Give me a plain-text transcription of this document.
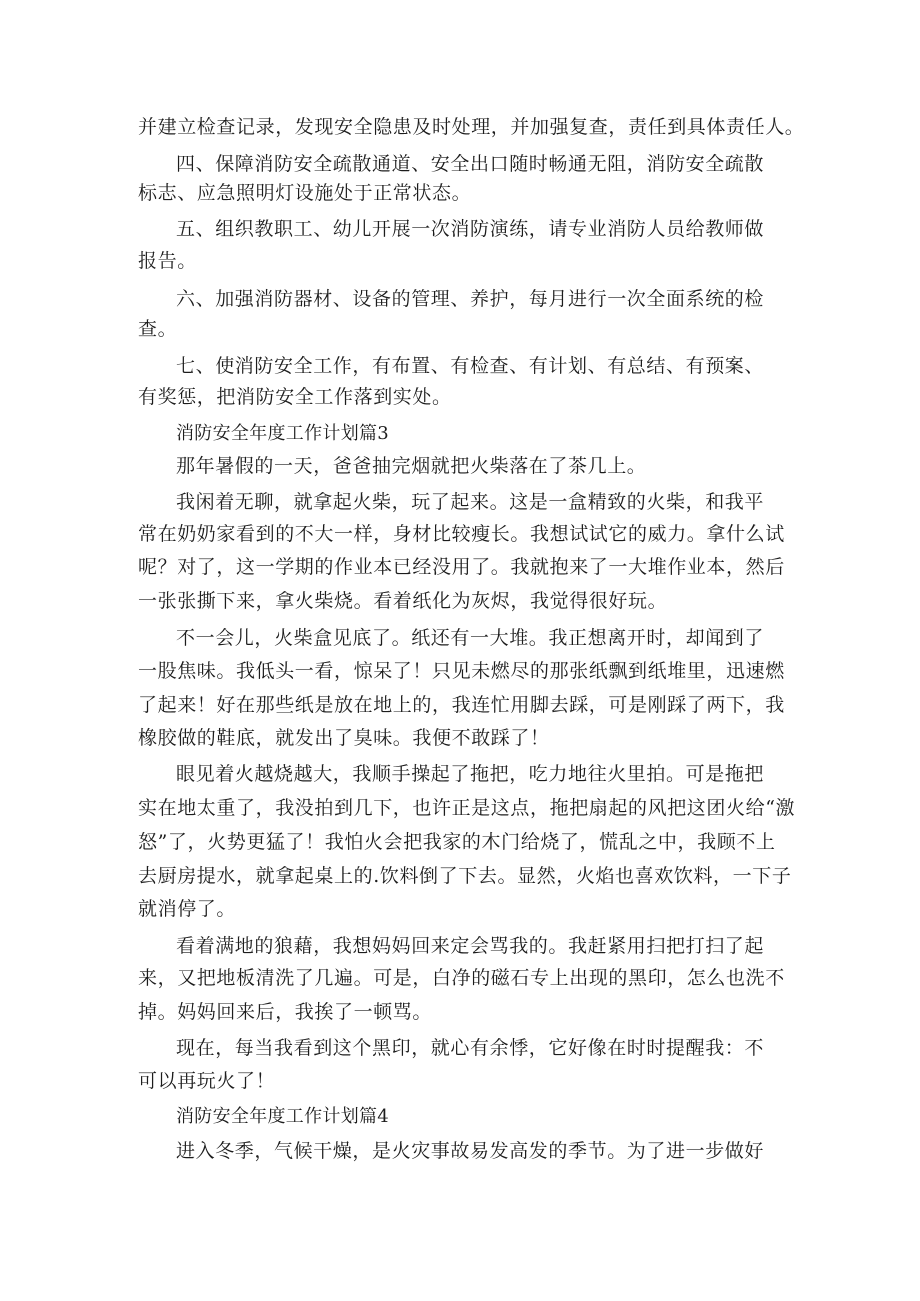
并建立检查记录，发现安全隐患及时处理，并加强复查，责任到具体责任人。
四、保障消防安全疏散通道、安全出口随时畅通无阻，消防安全疏散
标志、应急照明灯设施处于正常状态。
五、组织教职工、幼儿开展一次消防演练，请专业消防人员给教师做
报告。
六、加强消防器材、设备的管理、养护，每月进行一次全面系统的检
查。
七、使消防安全工作，有布置、有检查、有计划、有总结、有预案、
有奖惩，把消防安全工作落到实处。
消防安全年度工作计划篇3
那年暑假的一天，爸爸抽完烟就把火柴落在了茶几上。
我闲着无聊，就拿起火柴，玩了起来。这是一盒精致的火柴，和我平
常在奶奶家看到的不大一样，身材比较瘦长。我想试试它的威力。拿什么试
呢？对了，这一学期的作业本已经没用了。我就抱来了一大堆作业本，然后
一张张撕下来，拿火柴烧。看着纸化为灰烬，我觉得很好玩。
不一会儿，火柴盒见底了。纸还有一大堆。我正想离开时，却闻到了
一股焦味。我低头一看，惊呆了！只见未燃尽的那张纸飘到纸堆里，迅速燃
了起来！好在那些纸是放在地上的，我连忙用脚去踩，可是刚踩了两下，我
橡胶做的鞋底，就发出了臭味。我便不敢踩了！
眼见着火越烧越大，我顺手操起了拖把，吃力地往火里拍。可是拖把
实在地太重了，我没拍到几下，也许正是这点，拖把扇起的风把这团火给“激
怒”了，火势更猛了！我怕火会把我家的木门给烧了，慌乱之中，我顾不上
去厨房提水，就拿起桌上的.饮料倒了下去。显然，火焰也喜欢饮料，一下子
就消停了。
看着满地的狼藉，我想妈妈回来定会骂我的。我赶紧用扫把打扫了起
来，又把地板清洗了几遍。可是，白净的磁石专上出现的黑印，怎么也洗不
掉。妈妈回来后，我挨了一顿骂。
现在，每当我看到这个黑印，就心有余悸，它好像在时时提醒我：不
可以再玩火了！
消防安全年度工作计划篇4
进入冬季，气候干燥，是火灾事故易发高发的季节。为了进一步做好
